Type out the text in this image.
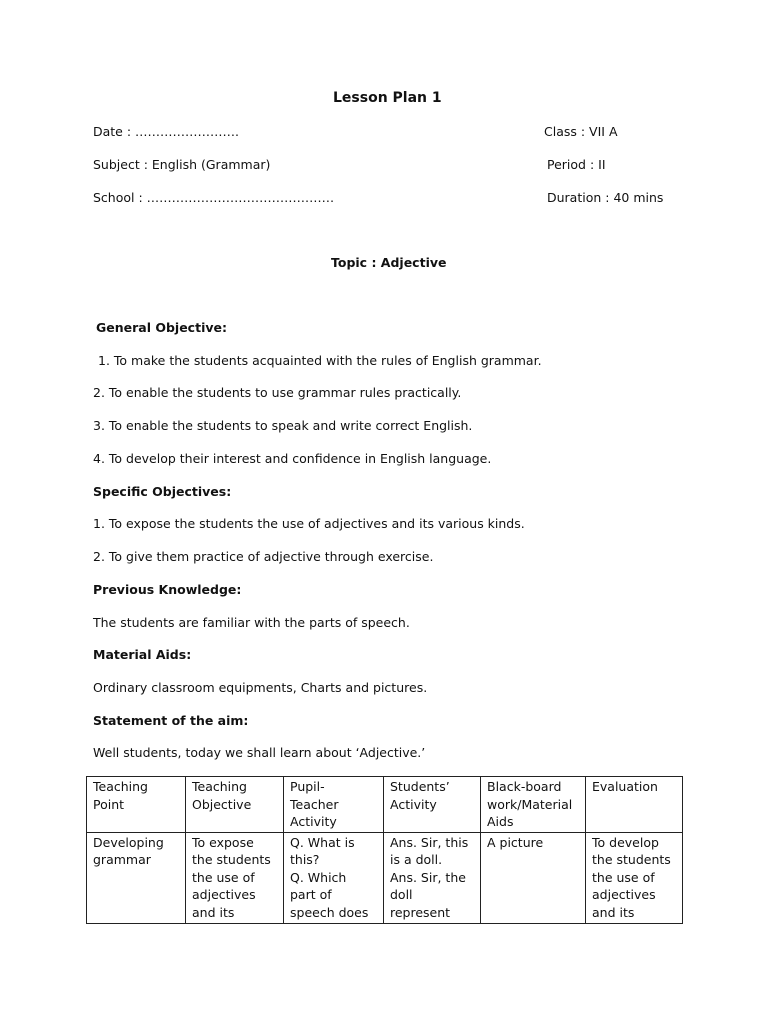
Lesson Plan 1
Date : …………………….	Class : VII A
Subject : English (Grammar)	Period : II
School : ………………………………………	Duration : 40 mins
Topic : Adjective
General Objective:
1. To make the students acquainted with the rules of English grammar.
2. To enable the students to use grammar rules practically.
3. To enable the students to speak and write correct English.
4. To develop their interest and confidence in English language.
Specific Objectives:
1. To expose the students the use of adjectives and its various kinds.
2. To give them practice of adjective through exercise.
Previous Knowledge:
The students are familiar with the parts of speech.
Material Aids:
Ordinary classroom equipments, Charts and pictures.
Statement of the aim:
Well students, today we shall learn about ‘Adjective.’
Teaching
Point	Teaching
Objective	Pupil-
Teacher
Activity	Students’
Activity	Black-board
work/Material
Aids	Evaluation
Developing
grammar	To expose
the students
the use of
adjectives
and its	Q. What is
this?
Q. Which
part of
speech does	Ans. Sir, this
is a doll.
Ans. Sir, the
doll
represent	A picture	To develop
the students
the use of
adjectives
and its
